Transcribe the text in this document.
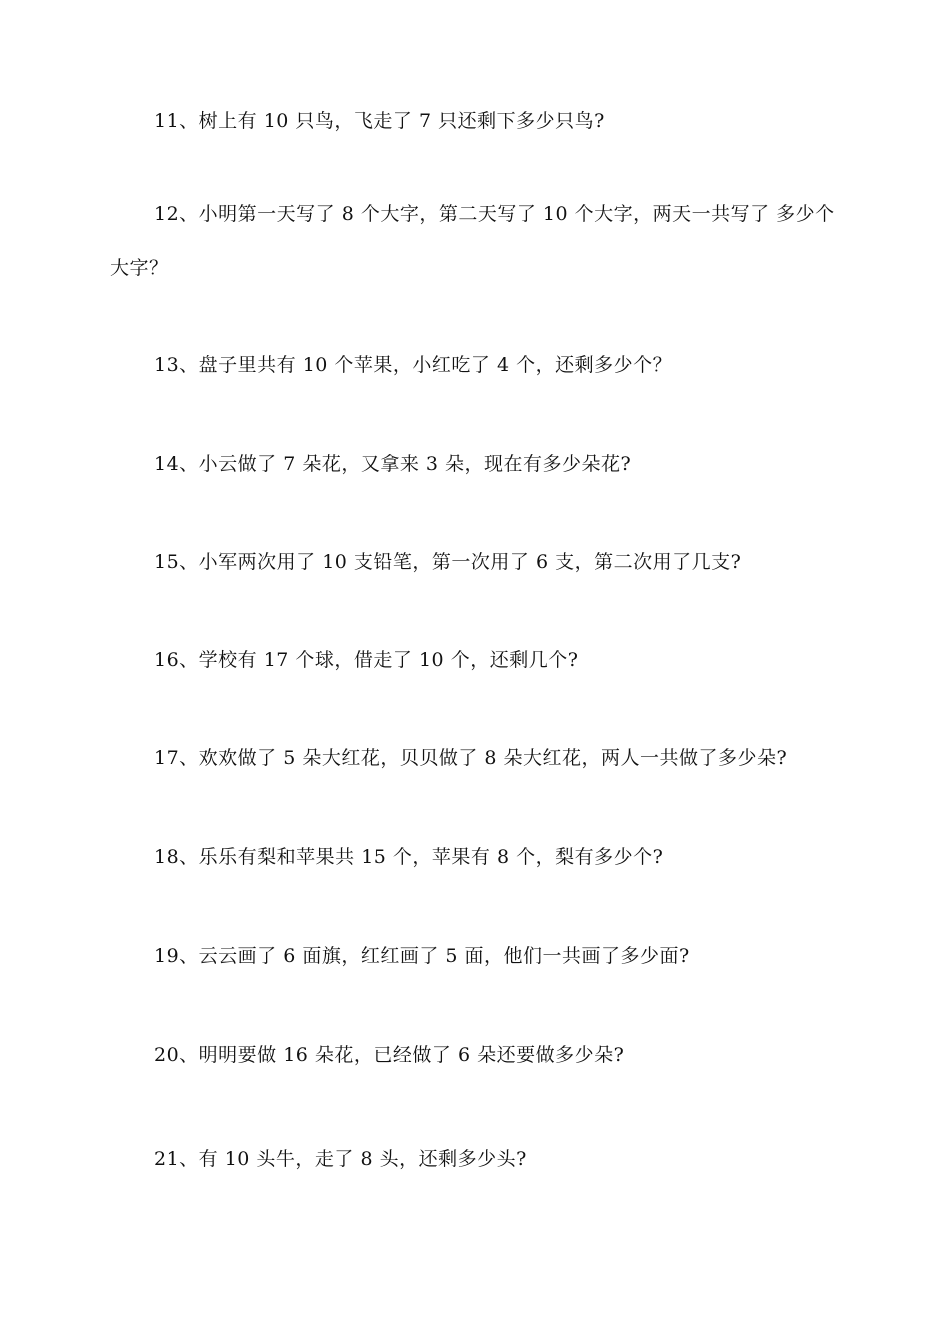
11、树上有 10 只鸟，飞走了 7 只还剩下多少只鸟?
12、小明第一天写了 8 个大字，第二天写了 10 个大字，两天一共写了 多少个大字？
13、盘子里共有 10 个苹果，小红吃了 4 个，还剩多少个？
14、小云做了 7 朵花，又拿来 3 朵，现在有多少朵花?
15、小军两次用了 10 支铅笔，第一次用了 6 支，第二次用了几支?
16、学校有 17 个球，借走了 10 个，还剩几个?
17、欢欢做了 5 朵大红花，贝贝做了 8 朵大红花，两人一共做了多少朵?
18、乐乐有梨和苹果共 15 个，苹果有 8 个，梨有多少个?
19、云云画了 6 面旗，红红画了 5 面，他们一共画了多少面?
20、明明要做 16 朵花，已经做了 6 朵还要做多少朵?
21、有 10 头牛，走了 8 头，还剩多少头?
